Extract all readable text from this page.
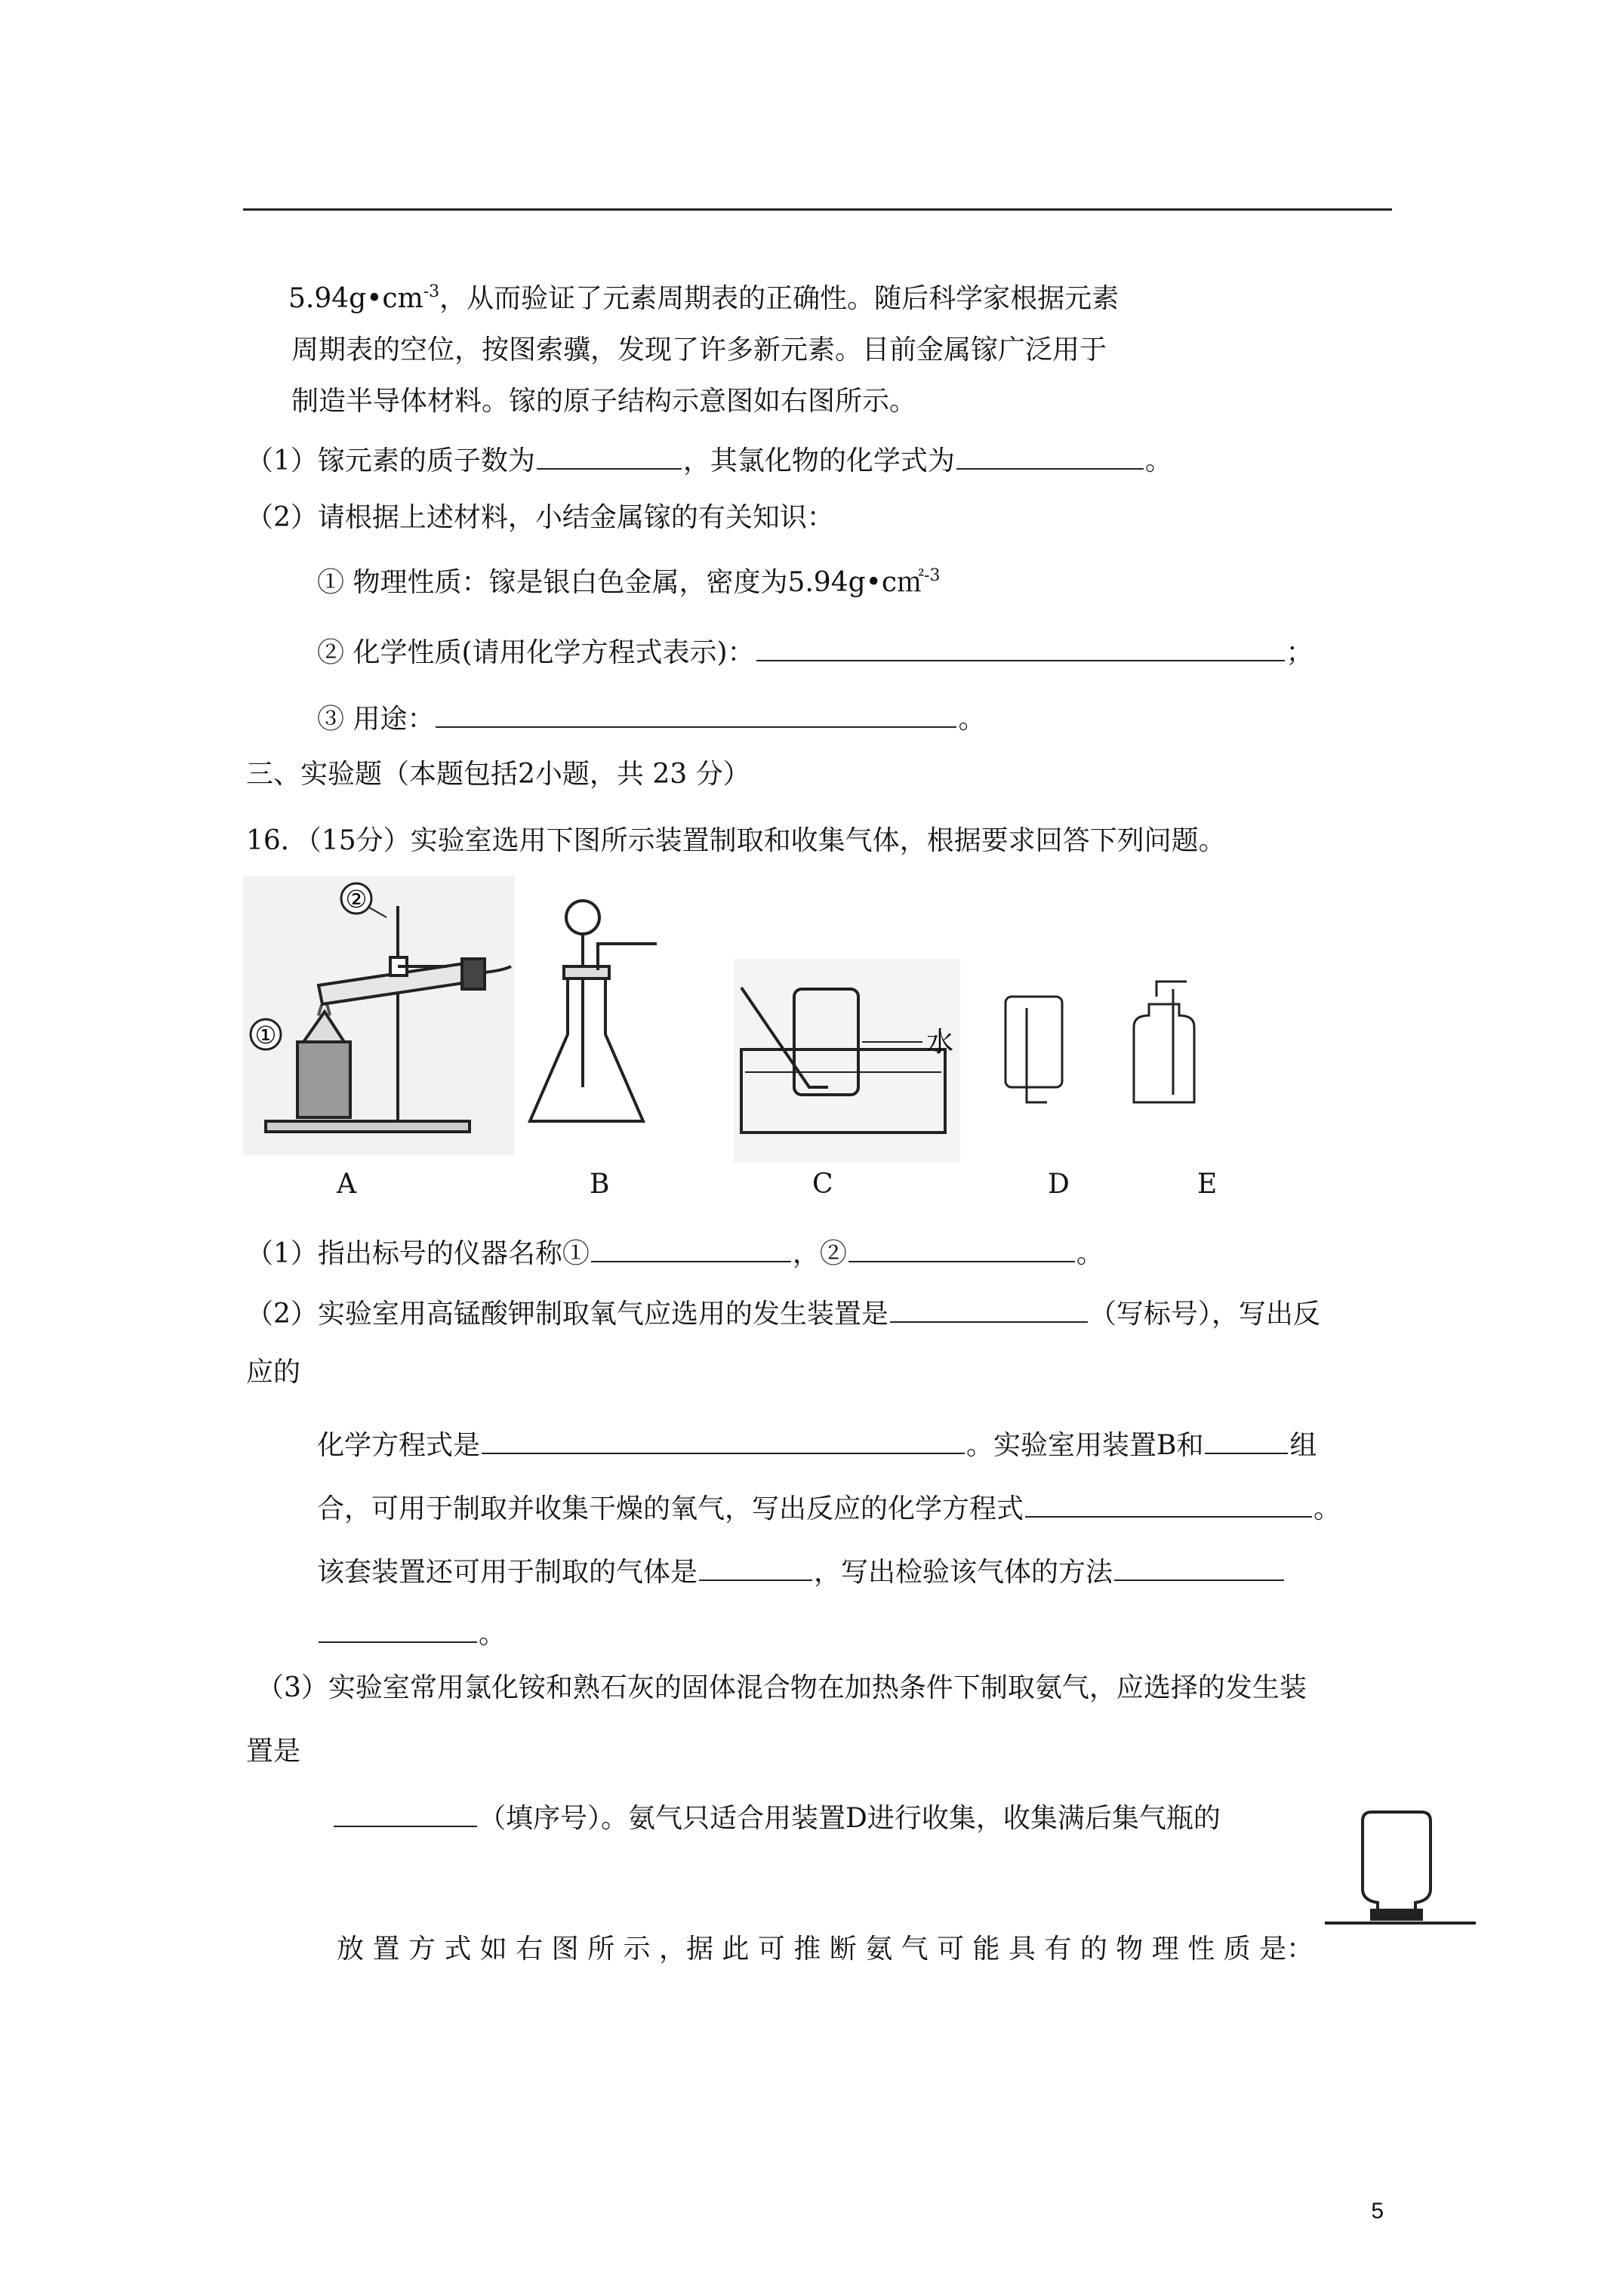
$5.94g•cm^{-3}$，从而验证了元素周期表的正确性。随后科学家根据元素
周期表的空位，按图索骥，发现了许多新元素。目前金属镓广泛用于
制造半导体材料。镓的原子结构示意图如右图所示。
（1）镓元素的质子数为	，其氯化物的化学式为	。
（2）请根据上述材料，小结金属镓的有关知识：
① 物理性质：镓是银白色金属，密度为5.94g•c㎡$^{-3}$
② 化学性质(请用化学方程式表示)：	；
③ 用途：	。
三、实验题（本题包括2小题，共 23 分）
16．（15分）实验室选用下图所示装置制取和收集气体，根据要求回答下列问题。
②
①	水
A	B	C	D	E
（1）指出标号的仪器名称①	，②	。
（2）实验室用高锰酸钾制取氧气应选用的发生装置是	（写标号），写出反
应的
化学方程式是	。实验室用装置B和	组
合，可用于制取并收集干燥的氧气，写出反应的化学方程式	。
该套装置还可用于制取的气体是	，写出检验该气体的方法
。
（3）实验室常用氯化铵和熟石灰的固体混合物在加热条件下制取氨气，应选择的发生装
置是
（填序号）。氨气只适合用装置D进行收集，收集满后集气瓶的
放 置 方 式 如 右 图 所 示 ，据 此 可 推 断 氨 气 可 能 具 有 的 物 理 性 质 是：
5
